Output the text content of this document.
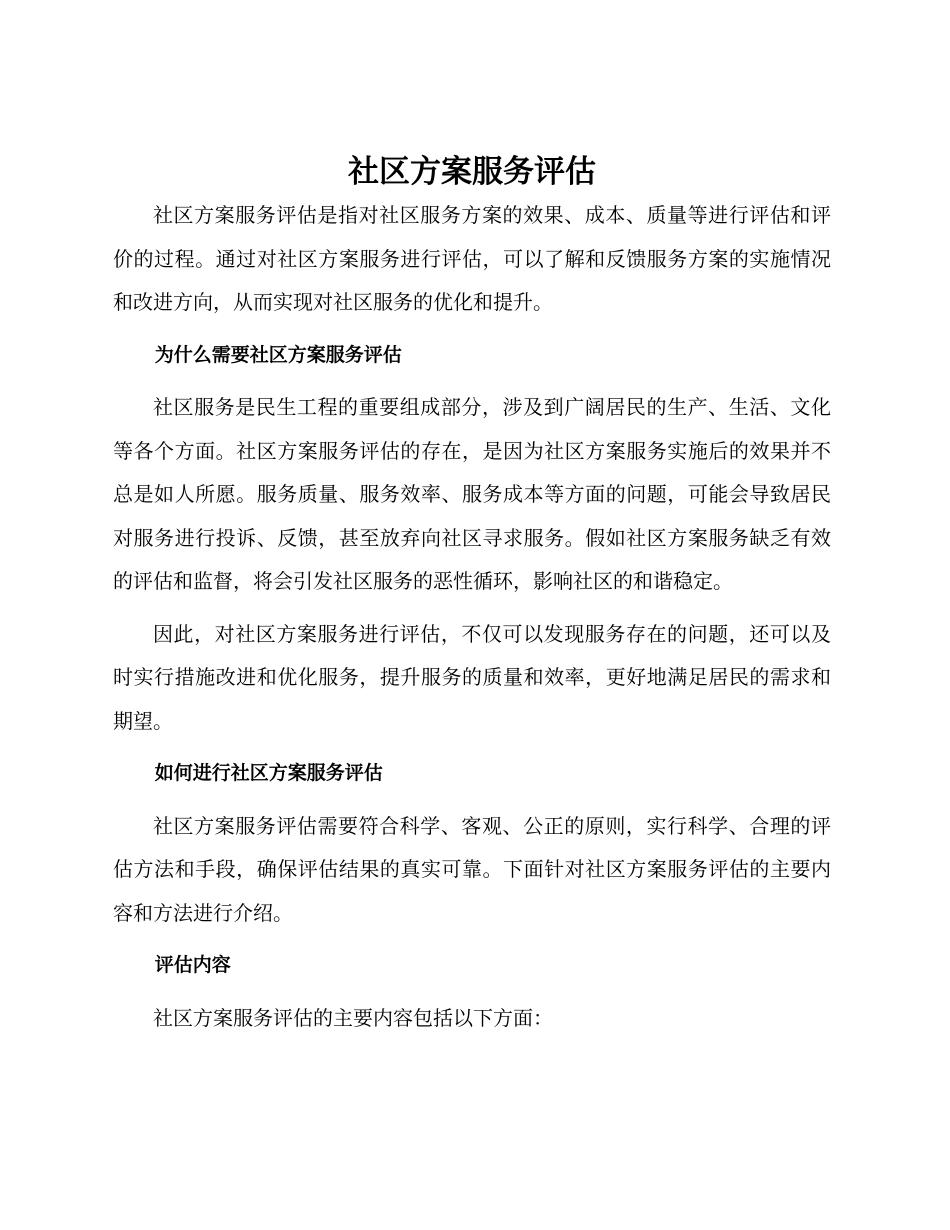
社区方案服务评估

社区方案服务评估是指对社区服务方案的效果、成本、质量等进行评估和评价的过程。通过对社区方案服务进行评估，可以了解和反馈服务方案的实施情况和改进方向，从而实现对社区服务的优化和提升。

为什么需要社区方案服务评估

社区服务是民生工程的重要组成部分，涉及到广阔居民的生产、生活、文化等各个方面。社区方案服务评估的存在，是因为社区方案服务实施后的效果并不总是如人所愿。服务质量、服务效率、服务成本等方面的问题，可能会导致居民对服务进行投诉、反馈，甚至放弃向社区寻求服务。假如社区方案服务缺乏有效的评估和监督，将会引发社区服务的恶性循环，影响社区的和谐稳定。

因此，对社区方案服务进行评估，不仅可以发现服务存在的问题，还可以及时实行措施改进和优化服务，提升服务的质量和效率，更好地满足居民的需求和期望。

如何进行社区方案服务评估

社区方案服务评估需要符合科学、客观、公正的原则，实行科学、合理的评估方法和手段，确保评估结果的真实可靠。下面针对社区方案服务评估的主要内容和方法进行介绍。

评估内容

社区方案服务评估的主要内容包括以下方面：
